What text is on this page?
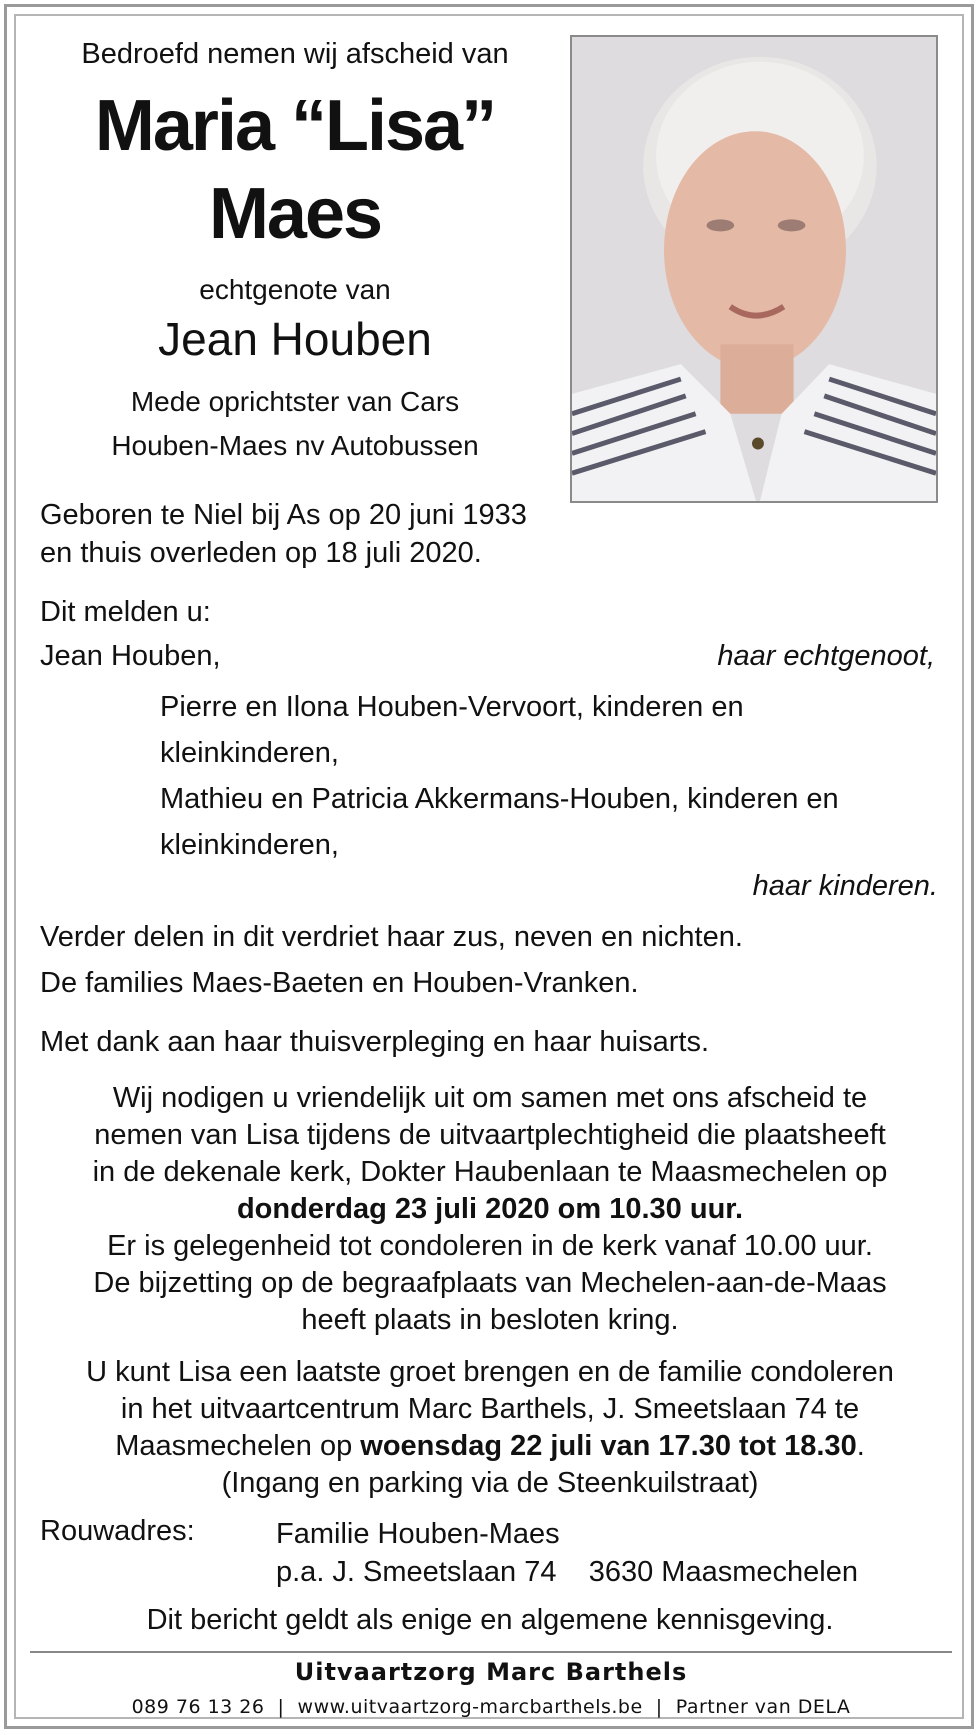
Bedroefd nemen wij afscheid van
Maria “Lisa”
Maes
echtgenote van
Jean Houben
Mede oprichtster van Cars
Houben-Maes nv Autobussen
Geboren te Niel bij As op 20 juni 1933
en thuis overleden op 18 juli 2020.
Dit melden u:
Jean Houben,	haar echtgenoot,
Pierre en Ilona Houben-Vervoort, kinderen en
kleinkinderen,
Mathieu en Patricia Akkermans-Houben, kinderen en
kleinkinderen,
haar kinderen.
Verder delen in dit verdriet haar zus, neven en nichten.
De families Maes-Baeten en Houben-Vranken.
Met dank aan haar thuisverpleging en haar huisarts.
Wij nodigen u vriendelijk uit om samen met ons afscheid te
nemen van Lisa tijdens de uitvaartplechtigheid die plaatsheeft
in de dekenale kerk, Dokter Haubenlaan te Maasmechelen op
donderdag 23 juli 2020 om 10.30 uur.
Er is gelegenheid tot condoleren in de kerk vanaf 10.00 uur.
De bijzetting op de begraafplaats van Mechelen-aan-de-Maas
heeft plaats in besloten kring.
U kunt Lisa een laatste groet brengen en de familie condoleren
in het uitvaartcentrum Marc Barthels, J. Smeetslaan 74 te
Maasmechelen op woensdag 22 juli van 17.30 tot 18.30.
(Ingang en parking via de Steenkuilstraat)
Rouwadres:	Familie Houben-Maes
p.a. J. Smeetslaan 74    3630 Maasmechelen
Dit bericht geldt als enige en algemene kennisgeving.
Uitvaartzorg Marc Barthels
089 76 13 26  |  www.uitvaartzorg-marcbarthels.be  |  Partner van DELA
